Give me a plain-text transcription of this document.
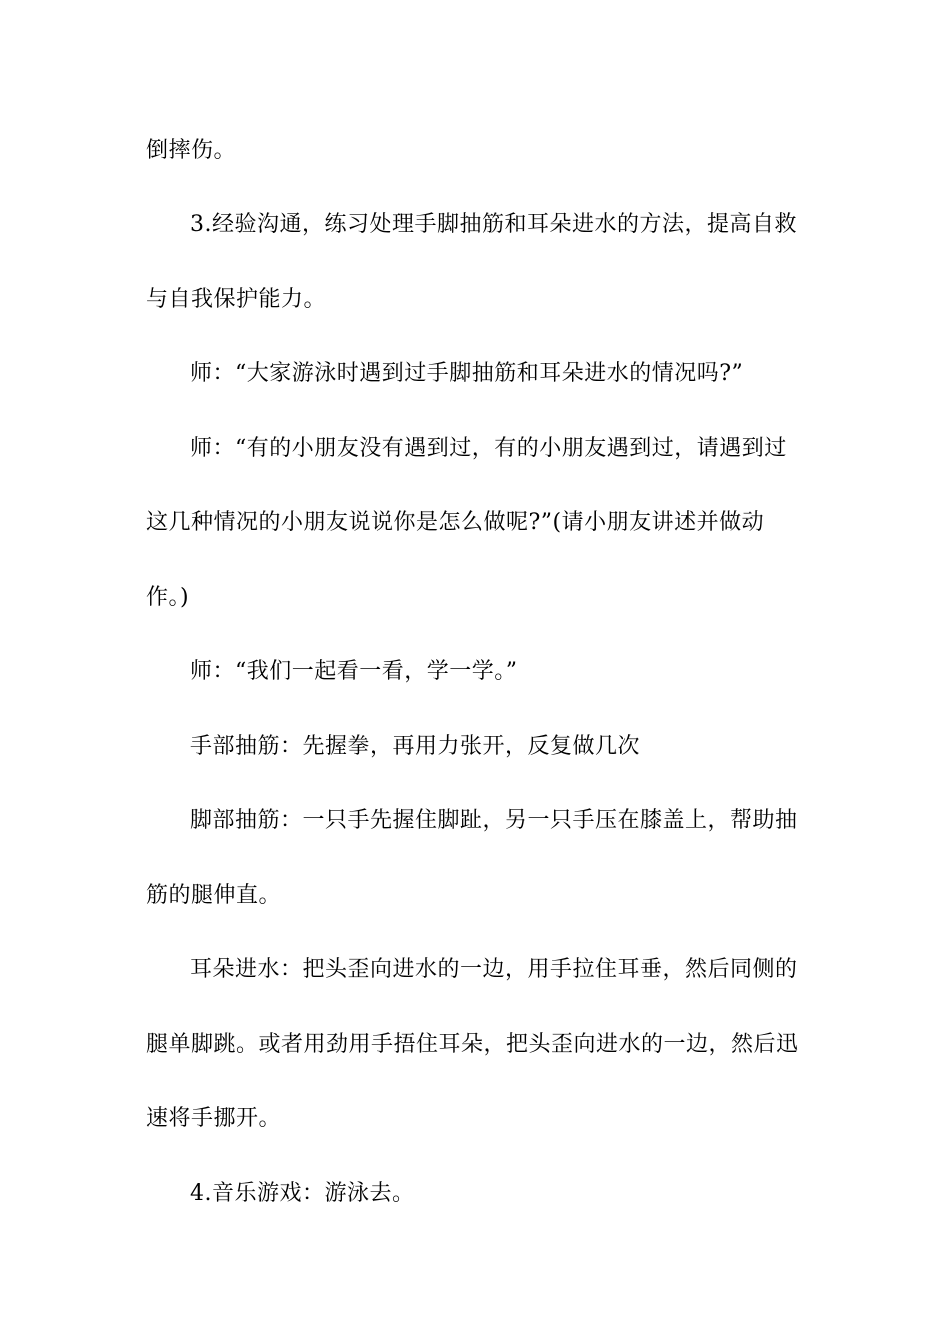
倒摔伤。
3.经验沟通，练习处理手脚抽筋和耳朵进水的方法，提高自救
与自我保护能力。
师：“大家游泳时遇到过手脚抽筋和耳朵进水的情况吗?”
师：“有的小朋友没有遇到过，有的小朋友遇到过，请遇到过
这几种情况的小朋友说说你是怎么做呢?”(请小朋友讲述并做动
作。)
师：“我们一起看一看，学一学。”
手部抽筋：先握拳，再用力张开，反复做几次
脚部抽筋：一只手先握住脚趾，另一只手压在膝盖上，帮助抽
筋的腿伸直。
耳朵进水：把头歪向进水的一边，用手拉住耳垂，然后同侧的
腿单脚跳。或者用劲用手捂住耳朵，把头歪向进水的一边，然后迅
速将手挪开。
4.音乐游戏：游泳去。
